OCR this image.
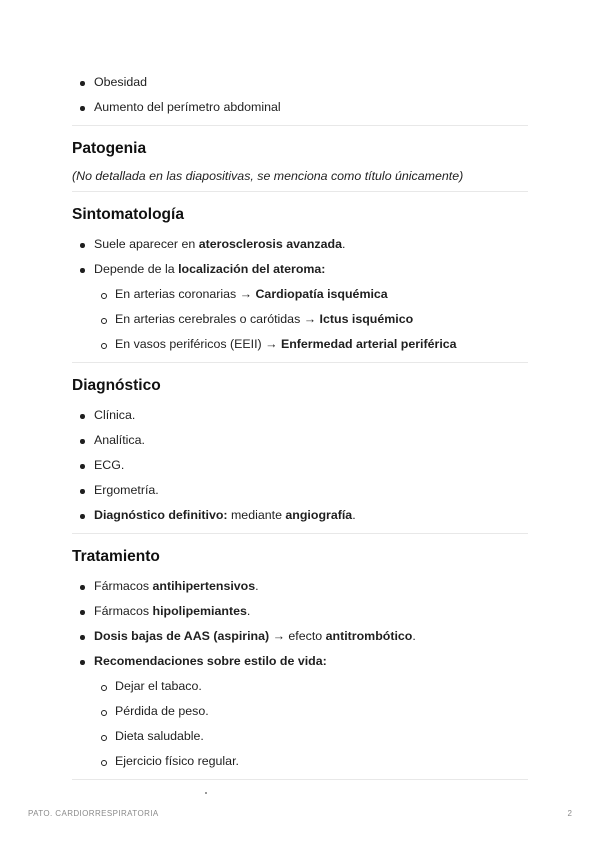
Obesidad
Aumento del perímetro abdominal
Patogenia

(No detallada en las diapositivas, se menciona como título únicamente)

Sintomatología
Suele aparecer en aterosclerosis avanzada.
Depende de la localización del ateroma:
En arterias coronarias → Cardiopatía isquémica
En arterias cerebrales o carótidas → Ictus isquémico
En vasos periféricos (EEII) → Enfermedad arterial periférica
Diagnóstico
Clínica.
Analítica.
ECG.
Ergometría.
Diagnóstico definitivo: mediante angiografía.
Tratamiento
Fármacos antihipertensivos.
Fármacos hipolipemiantes.
Dosis bajas de AAS (aspirina) → efecto antitrombótico.
Recomendaciones sobre estilo de vida:
Dejar el tabaco.
Pérdida de peso.
Dieta saludable.
Ejercicio físico regular.
PATO. CARDIORRESPIRATORIA	2
